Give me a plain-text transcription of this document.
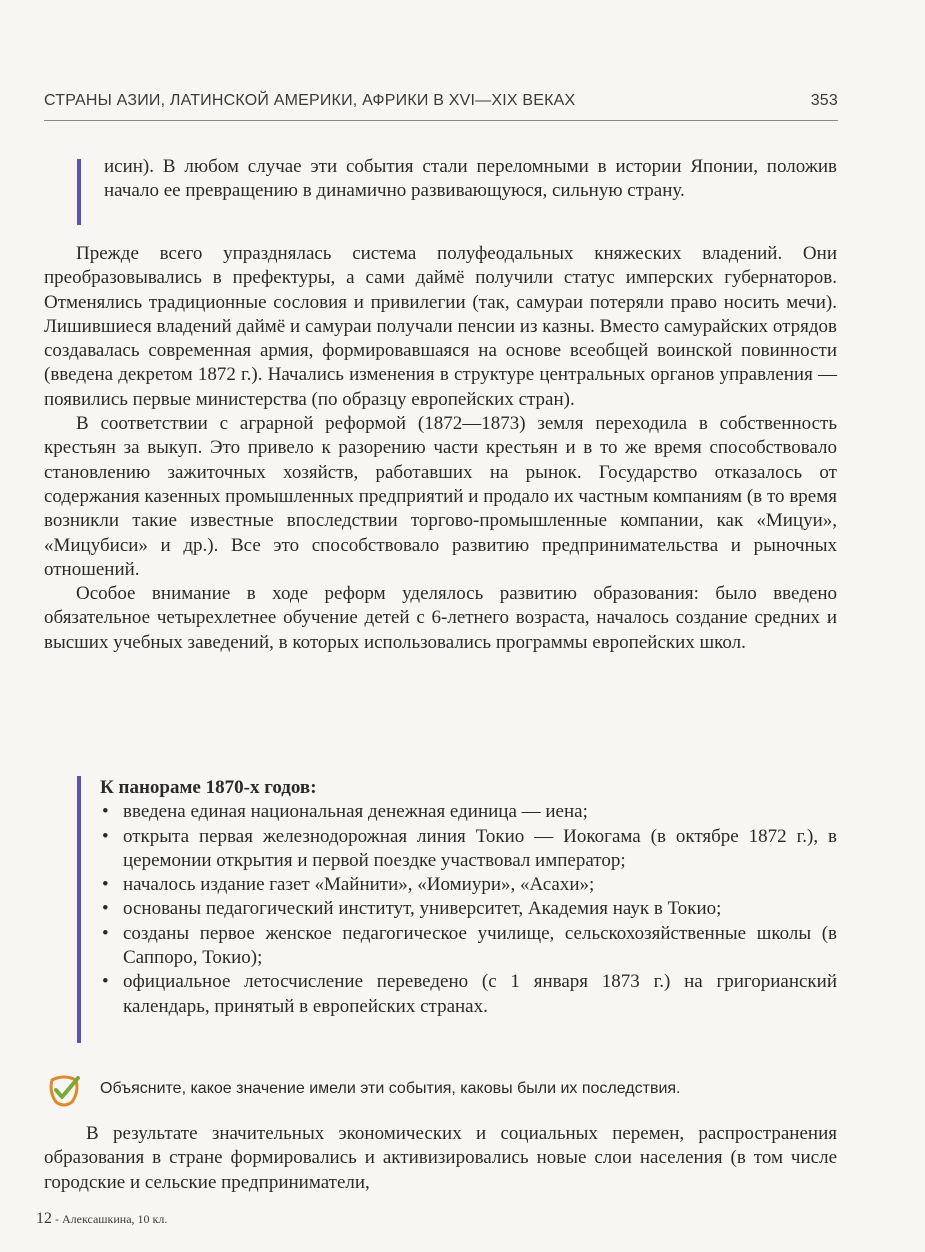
СТРАНЫ АЗИИ, ЛАТИНСКОЙ АМЕРИКИ, АФРИКИ В XVI—XIX ВЕКАХ	353
исин). В любом случае эти события стали переломными в истории Японии, положив начало ее превращению в динамично развивающуюся, сильную страну.

Прежде всего упразднялась система полуфеодальных княжеских владений. Они преобразовывались в префектуры, а сами даймё получили статус имперских губернаторов. Отменялись традиционные сословия и привилегии (так, самураи потеряли право носить мечи). Лишившиеся владений даймё и самураи получали пенсии из казны. Вместо самурайских отрядов создавалась современная армия, формировавшаяся на основе всеобщей воинской повинности (введена декретом 1872 г.). Начались изменения в структуре центральных органов управления — появились первые министерства (по образцу европейских стран).

В соответствии с аграрной реформой (1872—1873) земля переходила в собственность крестьян за выкуп. Это привело к разорению части крестьян и в то же время способствовало становлению зажиточных хозяйств, работавших на рынок. Государство отказалось от содержания казенных промышленных предприятий и продало их частным компаниям (в то время возникли такие известные впоследствии торгово-промышленные компании, как «Мицуи», «Мицубиси» и др.). Все это способствовало развитию предпринимательства и рыночных отношений.

Особое внимание в ходе реформ уделялось развитию образования: было введено обязательное четырехлетнее обучение детей с 6-летнего возраста, началось создание средних и высших учебных заведений, в которых использовались программы европейских школ.

К панораме 1870-х годов:

• введена единая национальная денежная единица — иена;
• открыта первая железнодорожная линия Токио — Иокогама (в октябре 1872 г.), в церемонии открытия и первой поездке участвовал император;
• началось издание газет «Майнити», «Иомиури», «Асахи»;
• основаны педагогический институт, университет, Академия наук в Токио;
• созданы первое женское педагогическое училище, сельскохозяйственные школы (в Саппоро, Токио);
• официальное летосчисление переведено (с 1 января 1873 г.) на григорианский календарь, принятый в европейских странах.
Объясните, какое значение имели эти события, каковы были их последствия.

В результате значительных экономических и социальных перемен, распространения образования в стране формировались и активизировались новые слои населения (в том числе городские и сельские предприниматели,

12 - Алексашкина, 10 кл.
